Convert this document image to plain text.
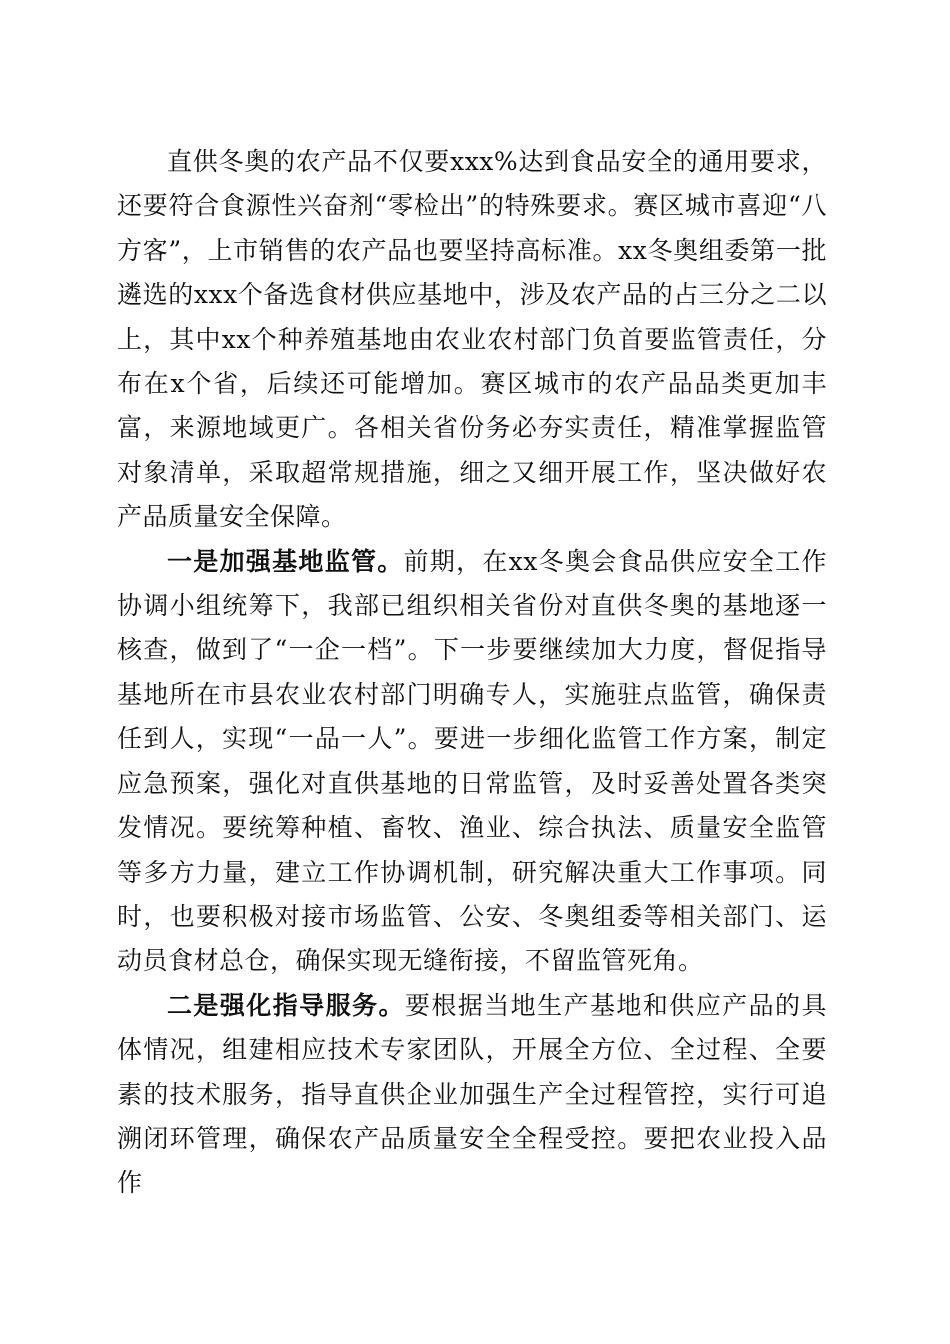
直供冬奥的农产品不仅要xxx%达到食品安全的通用要求，还要符合食源性兴奋剂“零检出”的特殊要求。赛区城市喜迎“八方客”，上市销售的农产品也要坚持高标准。xx冬奥组委第一批遴选的xxx个备选食材供应基地中，涉及农产品的占三分之二以上，其中xx个种养殖基地由农业农村部门负首要监管责任，分布在x个省，后续还可能增加。赛区城市的农产品品类更加丰富，来源地域更广。各相关省份务必夯实责任，精准掌握监管对象清单，采取超常规措施，细之又细开展工作，坚决做好农产品质量安全保障。

一是加强基地监管。前期，在xx冬奥会食品供应安全工作协调小组统筹下，我部已组织相关省份对直供冬奥的基地逐一核查，做到了“一企一档”。下一步要继续加大力度，督促指导基地所在市县农业农村部门明确专人，实施驻点监管，确保责任到人，实现“一品一人”。要进一步细化监管工作方案，制定应急预案，强化对直供基地的日常监管，及时妥善处置各类突发情况。要统筹种植、畜牧、渔业、综合执法、质量安全监管等多方力量，建立工作协调机制，研究解决重大工作事项。同时，也要积极对接市场监管、公安、冬奥组委等相关部门、运动员食材总仓，确保实现无缝衔接，不留监管死角。

二是强化指导服务。要根据当地生产基地和供应产品的具体情况，组建相应技术专家团队，开展全方位、全过程、全要素的技术服务，指导直供企业加强生产全过程管控，实行可追溯闭环管理，确保农产品质量安全全程受控。要把农业投入品作
